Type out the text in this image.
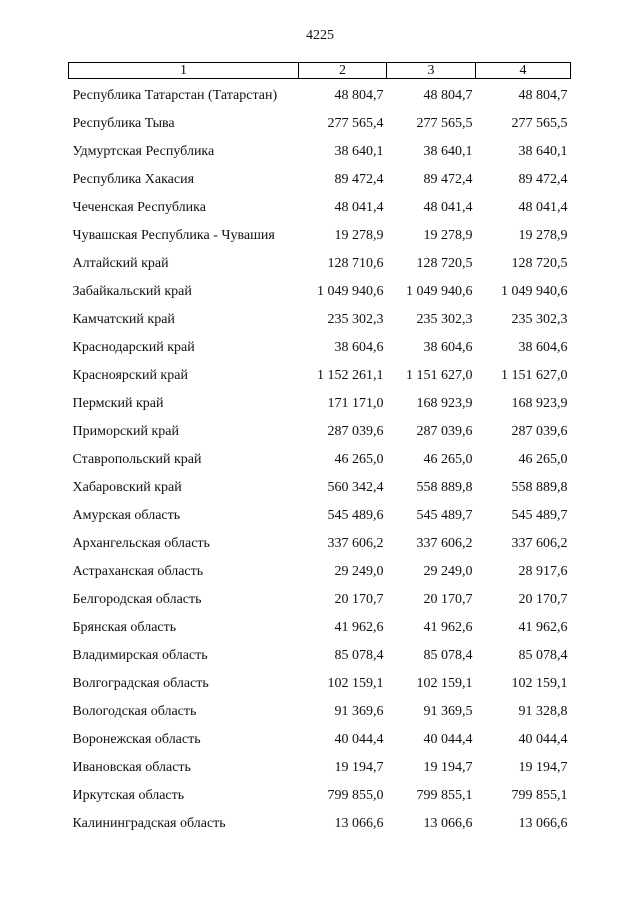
4225
1	2	3	4
Республика Татарстан (Татарстан)	48 804,7	48 804,7	48 804,7
Республика Тыва	277 565,4	277 565,5	277 565,5
Удмуртская Республика	38 640,1	38 640,1	38 640,1
Республика Хакасия	89 472,4	89 472,4	89 472,4
Чеченская Республика	48 041,4	48 041,4	48 041,4
Чувашская Республика - Чувашия	19 278,9	19 278,9	19 278,9
Алтайский край	128 710,6	128 720,5	128 720,5
Забайкальский край	1 049 940,6	1 049 940,6	1 049 940,6
Камчатский край	235 302,3	235 302,3	235 302,3
Краснодарский край	38 604,6	38 604,6	38 604,6
Красноярский край	1 152 261,1	1 151 627,0	1 151 627,0
Пермский край	171 171,0	168 923,9	168 923,9
Приморский край	287 039,6	287 039,6	287 039,6
Ставропольский край	46 265,0	46 265,0	46 265,0
Хабаровский край	560 342,4	558 889,8	558 889,8
Амурская область	545 489,6	545 489,7	545 489,7
Архангельская область	337 606,2	337 606,2	337 606,2
Астраханская область	29 249,0	29 249,0	28 917,6
Белгородская область	20 170,7	20 170,7	20 170,7
Брянская область	41 962,6	41 962,6	41 962,6
Владимирская область	85 078,4	85 078,4	85 078,4
Волгоградская область	102 159,1	102 159,1	102 159,1
Вологодская область	91 369,6	91 369,5	91 328,8
Воронежская область	40 044,4	40 044,4	40 044,4
Ивановская область	19 194,7	19 194,7	19 194,7
Иркутская область	799 855,0	799 855,1	799 855,1
Калининградская область	13 066,6	13 066,6	13 066,6
